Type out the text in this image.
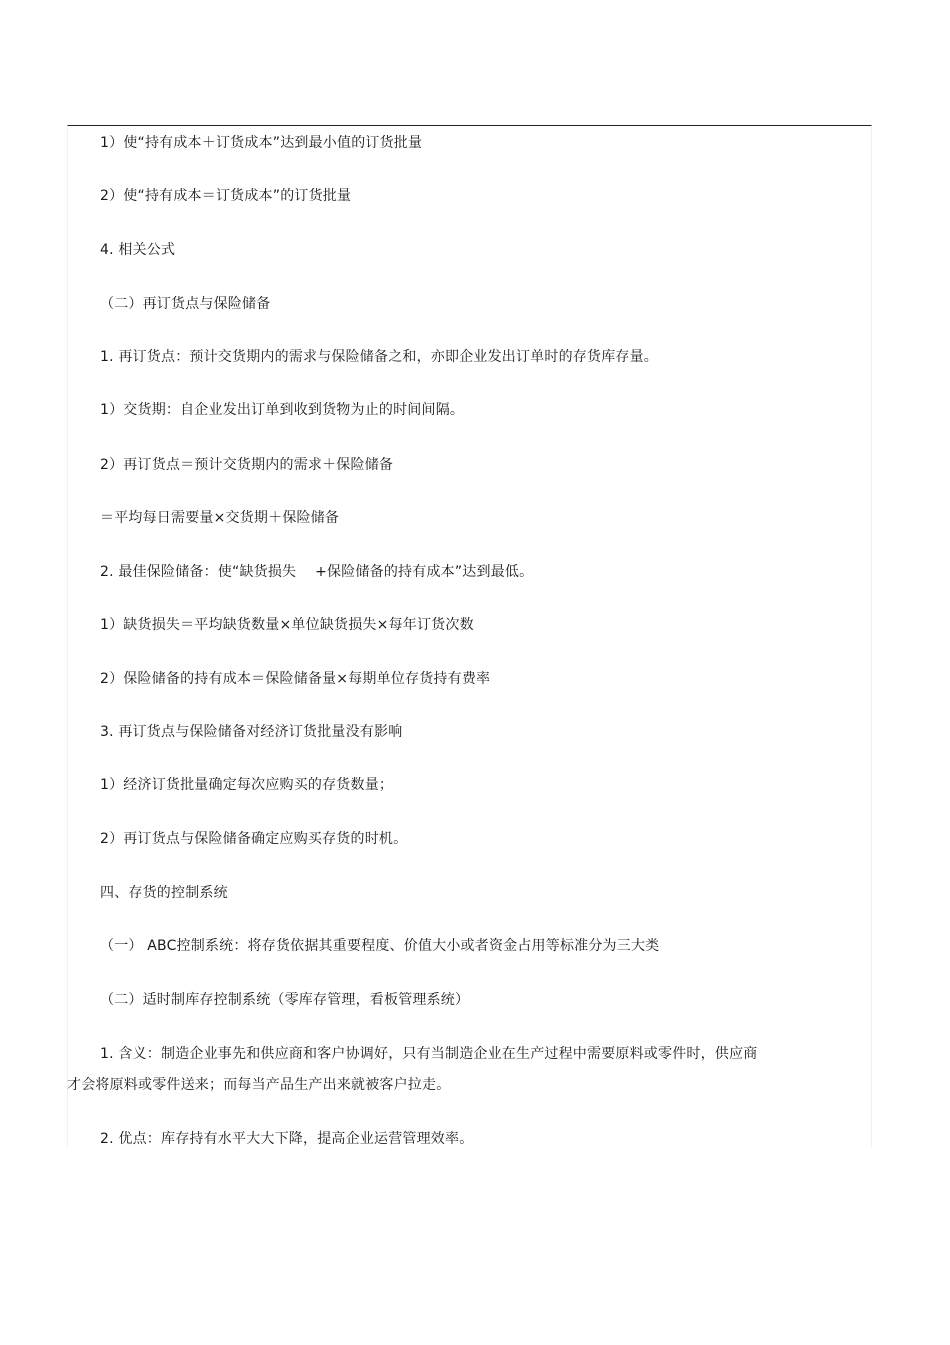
1）使“持有成本＋订货成本”达到最小值的订货批量
2）使“持有成本＝订货成本”的订货批量
4. 相关公式
（二）再订货点与保险储备
1. 再订货点：预计交货期内的需求与保险储备之和，亦即企业发出订单时的存货库存量。
1）交货期：自企业发出订单到收到货物为止的时间间隔。
2）再订货点＝预计交货期内的需求＋保险储备
＝平均每日需要量×交货期＋保险储备
2. 最佳保险储备：使“缺货损失　 +保险储备的持有成本”达到最低。
1）缺货损失＝平均缺货数量×单位缺货损失×每年订货次数
2）保险储备的持有成本＝保险储备量×每期单位存货持有费率
3. 再订货点与保险储备对经济订货批量没有影响
1）经济订货批量确定每次应购买的存货数量；
2）再订货点与保险储备确定应购买存货的时机。
四、存货的控制系统
（一） ABC控制系统：将存货依据其重要程度、价值大小或者资金占用等标准分为三大类
（二）适时制库存控制系统（零库存管理，看板管理系统）
1. 含义：制造企业事先和供应商和客户协调好，只有当制造企业在生产过程中需要原料或零件时，供应商
才会将原料或零件送来；而每当产品生产出来就被客户拉走。
2. 优点：库存持有水平大大下降，提高企业运营管理效率。
